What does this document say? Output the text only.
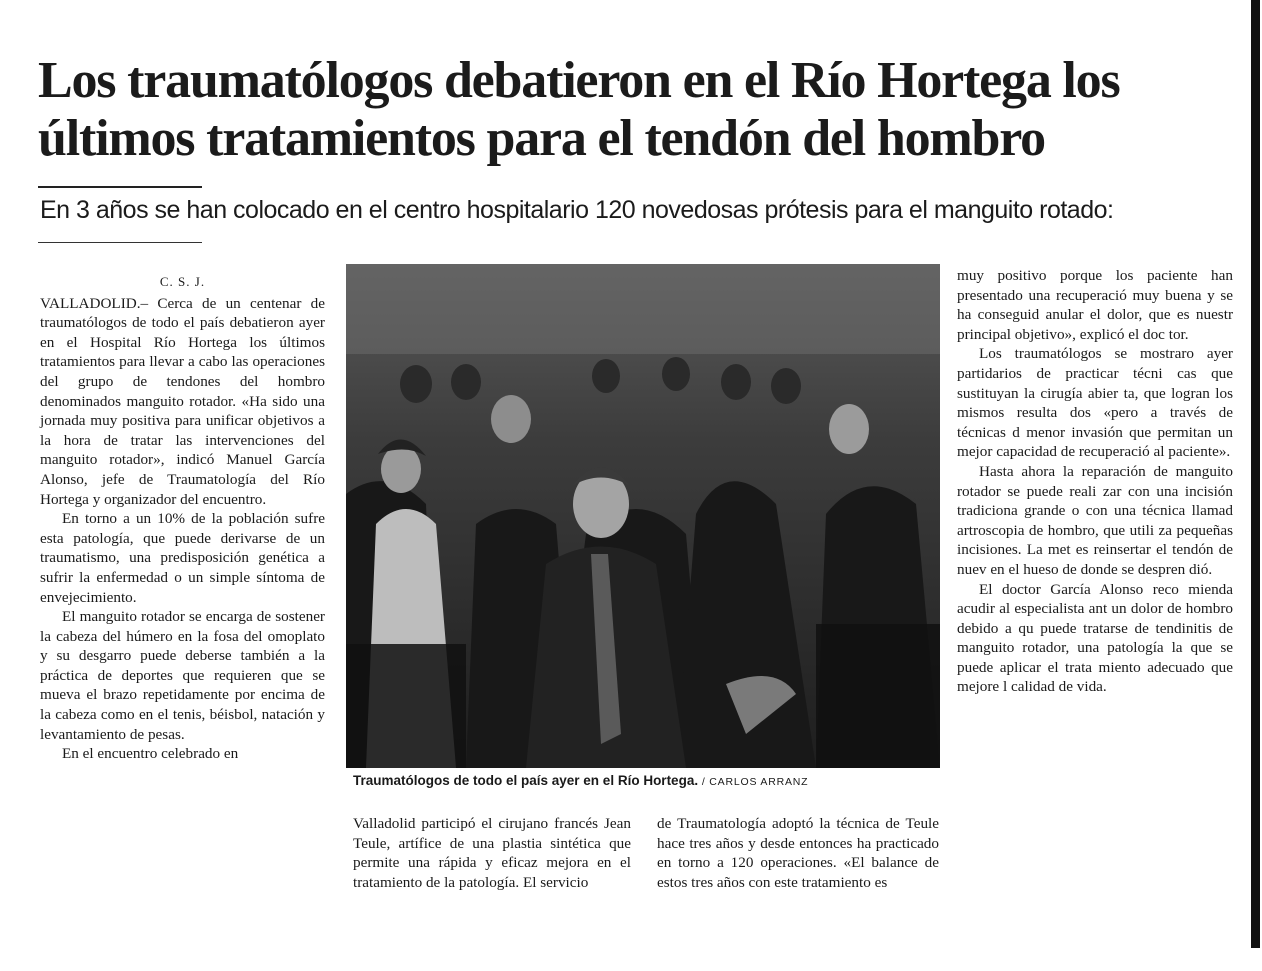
Los traumatólogos debatieron en el Río Hortega los
últimos tratamientos para el tendón del hombro
En 3 años se han colocado en el centro hospitalario 120 novedosas prótesis para el manguito rotado:
C. S. J.

VALLADOLID.– Cerca de un centenar de traumatólogos de todo el país debatieron ayer en el Hospital Río Hortega los últimos tratamientos para llevar a cabo las operaciones del grupo de tendones del hombro denominados manguito rotador. «Ha sido una jornada muy positiva para unificar objetivos a la hora de tratar las intervenciones del manguito rotador», indicó Manuel García Alonso, jefe de Traumatología del Río Hortega y organizador del encuentro.

En torno a un 10% de la población sufre esta patología, que puede derivarse de un traumatismo, una predisposición genética a sufrir la enfermedad o un simple síntoma de envejecimiento.

El manguito rotador se encarga de sostener la cabeza del húmero en la fosa del omoplato y su desgarro puede deberse también a la práctica de deportes que requieren que se mueva el brazo repetidamente por encima de la cabeza como en el tenis, béisbol, natación y levantamiento de pesas.

En el encuentro celebrado en

Traumatólogos de todo el país ayer en el Río Hortega. / CARLOS ARRANZ

Valladolid participó el cirujano francés Jean Teule, artífice de una plastia sintética que permite una rápida y eficaz mejora en el tratamiento de la patología. El servicio

de Traumatología adoptó la técnica de Teule hace tres años y desde entonces ha practicado en torno a 120 operaciones. «El balance de estos tres años con este tratamiento es

muy positivo porque los paciente han presentado una recuperació muy buena y se ha conseguid anular el dolor, que es nuestr principal objetivo», explicó el doc tor.

Los traumatólogos se mostraro ayer partidarios de practicar técni cas que sustituyan la cirugía abier ta, que logran los mismos resulta dos «pero a través de técnicas d menor invasión que permitan un mejor capacidad de recuperació al paciente».

Hasta ahora la reparación de manguito rotador se puede reali zar con una incisión tradiciona grande o con una técnica llamad artroscopia de hombro, que utili za pequeñas incisiones. La met es reinsertar el tendón de nuev en el hueso de donde se despren dió.

El doctor García Alonso reco mienda acudir al especialista ant un dolor de hombro debido a qu puede tratarse de tendinitis de manguito rotador, una patología la que se puede aplicar el trata miento adecuado que mejore l calidad de vida.
